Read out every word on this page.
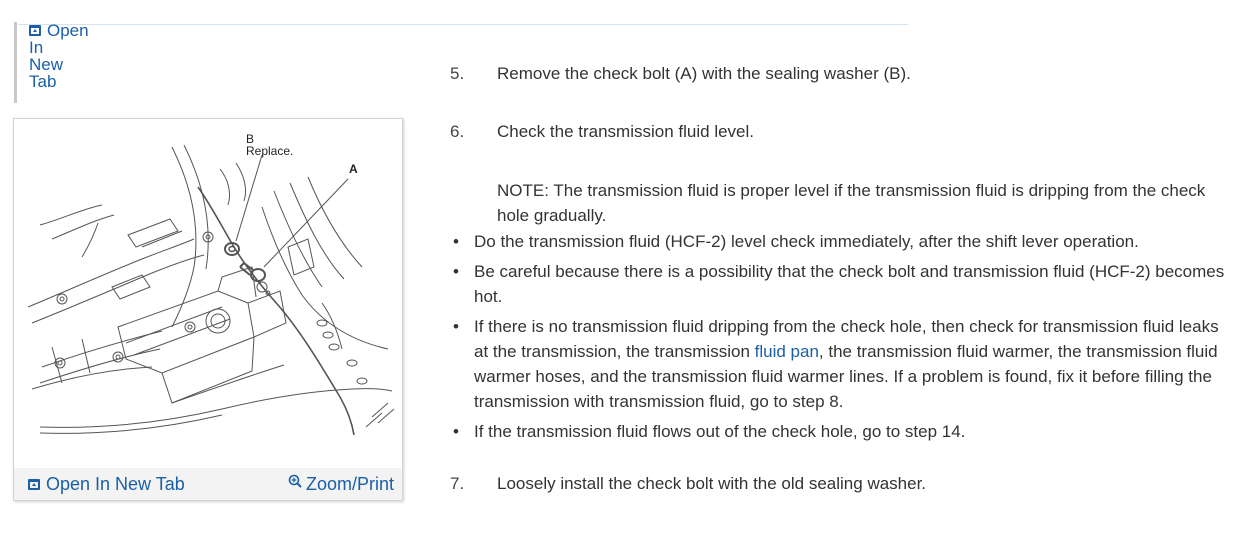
Open
In
New
Tab
B
Replace.
A
Open In New Tab	Zoom/Print
5. Remove the check bolt (A) with the sealing washer (B).
6. Check the transmission fluid level.
NOTE: The transmission fluid is proper level if the transmission fluid is dripping from the check hole gradually.
• Do the transmission fluid (HCF-2) level check immediately, after the shift lever operation.
• Be careful because there is a possibility that the check bolt and transmission fluid (HCF-2) becomes hot.
• If there is no transmission fluid dripping from the check hole, then check for transmission fluid leaks at the transmission, the transmission fluid pan, the transmission fluid warmer, the transmission fluid warmer hoses, and the transmission fluid warmer lines. If a problem is found, fix it before filling the transmission with transmission fluid, go to step 8.
• If the transmission fluid flows out of the check hole, go to step 14.
7. Loosely install the check bolt with the old sealing washer.
